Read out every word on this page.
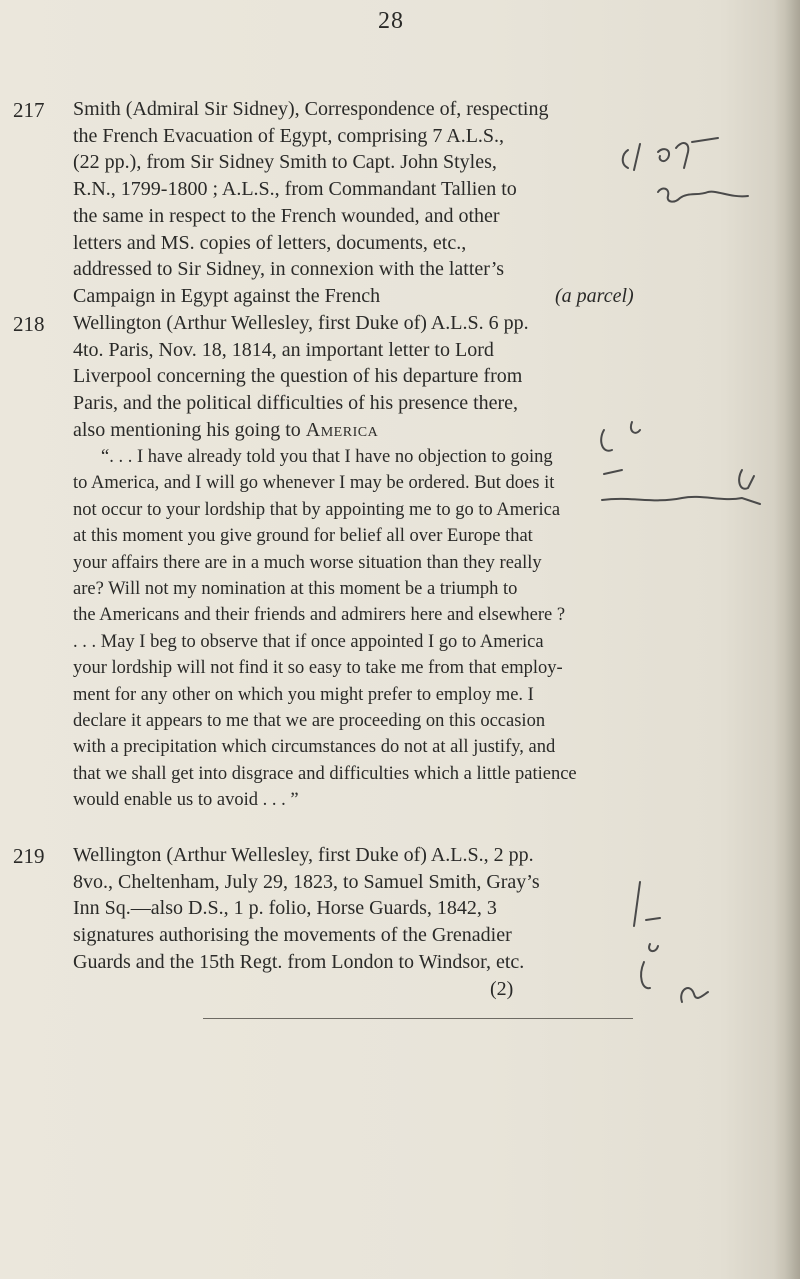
28
217 Smith (Admiral Sir Sidney), Correspondence of, respecting
the French Evacuation of Egypt, comprising 7 A.L.S.,
(22 pp.), from Sir Sidney Smith to Capt. John Styles,
R.N., 1799-1800 ; A.L.S., from Commandant Tallien to
the same in respect to the French wounded, and other
letters and MS. copies of letters, documents, etc.,
addressed to Sir Sidney, in connexion with the latter’s
Campaign in Egypt against the French	(a parcel)
218 Wellington (Arthur Wellesley, first Duke of) A.L.S. 6 pp.
4to. Paris, Nov. 18, 1814, an important letter to Lord
Liverpool concerning the question of his departure from
Paris, and the political difficulties of his presence there,
also mentioning his going to America
“. . . I have already told you that I have no objection to going
to America, and I will go whenever I may be ordered. But does it
not occur to your lordship that by appointing me to go to America
at this moment you give ground for belief all over Europe that
your affairs there are in a much worse situation than they really
are? Will not my nomination at this moment be a triumph to
the Americans and their friends and admirers here and elsewhere ?
. . . May I beg to observe that if once appointed I go to America
your lordship will not find it so easy to take me from that employ-
ment for any other on which you might prefer to employ me. I
declare it appears to me that we are proceeding on this occasion
with a precipitation which circumstances do not at all justify, and
that we shall get into disgrace and difficulties which a little patience
would enable us to avoid . . . ”
219 Wellington (Arthur Wellesley, first Duke of) A.L.S., 2 pp.
8vo., Cheltenham, July 29, 1823, to Samuel Smith, Gray’s
Inn Sq.—also D.S., 1 p. folio, Horse Guards, 1842, 3
signatures authorising the movements of the Grenadier
Guards and the 15th Regt. from London to Windsor, etc.
(2)
